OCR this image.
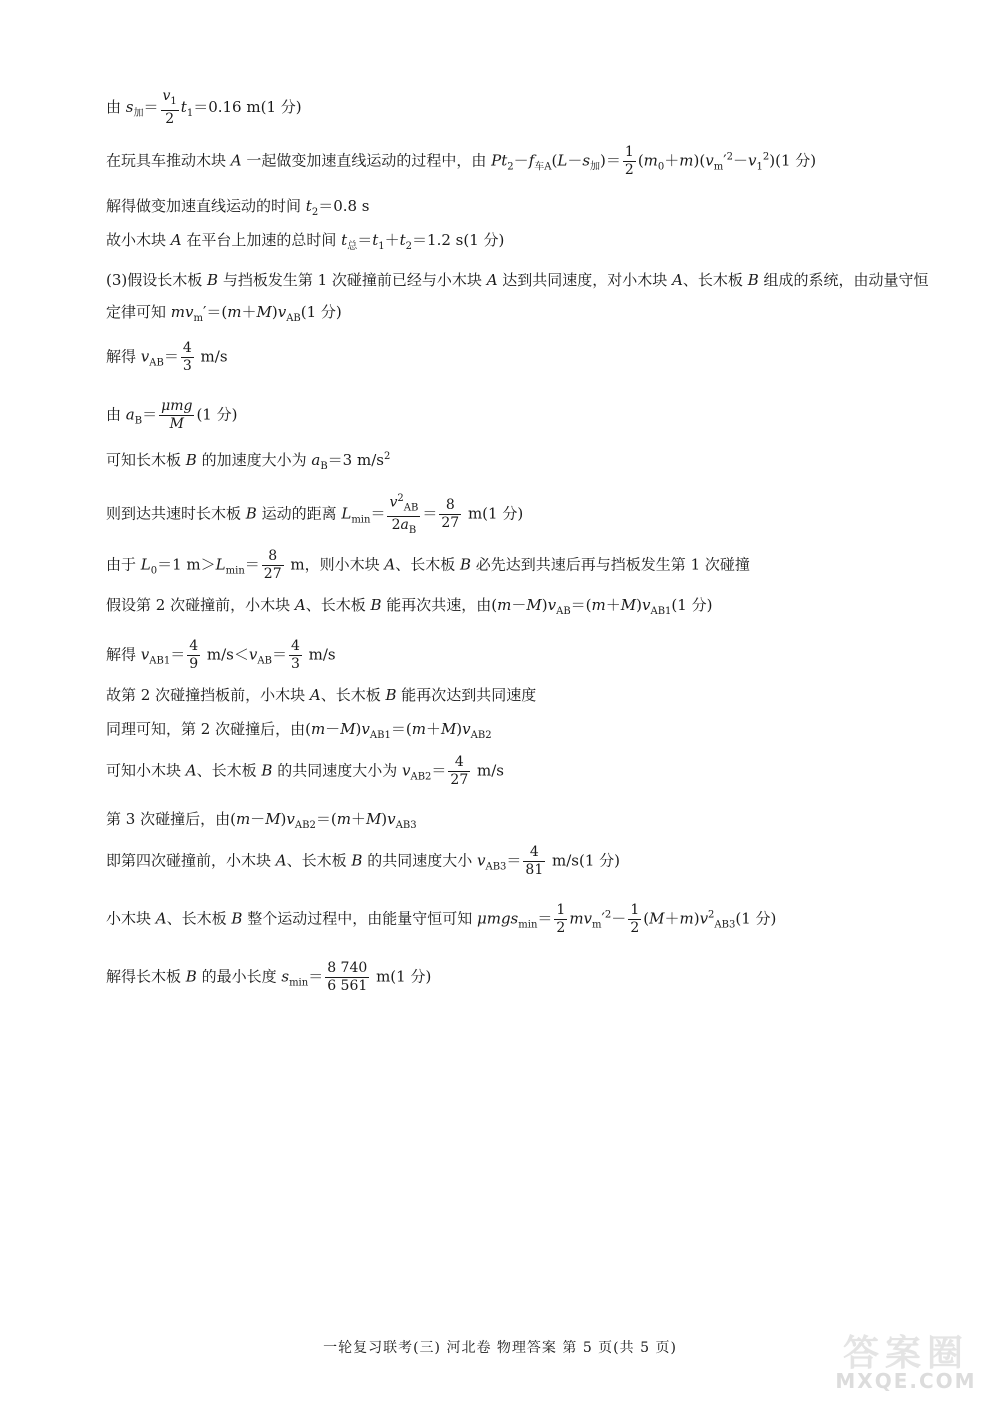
由 $s_加= \frac{v_1}{2} t_1=0.16$ m(1 分)
在玩具车推动木块 A 一起做变加速直线运动的过程中，由 $Pt_2-f_{车A}(L-s_加)= \frac{1}{2} (m_0+m)(v_m'^2-v_1^2)(1$ 分)
解得做变加速直线运动的时间 $t_2=0.8$ s
故小木块 A 在平台上加速的总时间 $t_总=t_1+t_2=1.2$ s(1 分)
(3)假设长木板 B 与挡板发生第 1 次碰撞前已经与小木块 A 达到共同速度，对小木块 A、长木板 B 组成的系统，由动量守恒定律可知 $mv_m'=(m+M)v_{AB}(1$ 分)
解得 $v_{AB}= \frac{4}{3} m/s$
由 $a_B= \frac{\text{μmg}}{M} (1$ 分)
可知长木板 B 的加速度大小为 $a_B=3$ $m/s^2$
则到达共速时长木板 B 运动的距离 $L_{min}= \frac{v^2_{AB}}{2a_B} = \frac{8}{27} m(1$ 分)
由于 $L_0=1$ $m>L_{min}= \frac{8}{27}$ m，则小木块 A、长木板 B 必先达到共速后再与挡板发生第 1 次碰撞
假设第 2 次碰撞前，小木块 A、长木板 B 能再次共速，由$(m-M)v_{AB}=(m+M)v_{AB1}(1$ 分)
解得 $v_{AB1}= \frac{4}{9} m/s<v_{AB}= \frac{4}{3} m/s$
故第 2 次碰撞挡板前，小木块 A、长木板 B 能再次达到共同速度
同理可知，第 2 次碰撞后，由$(m-M)v_{AB1}=(m+M)v_{AB2}$
可知小木块 A、长木板 B 的共同速度大小为 $v_{AB2}= \frac{4}{27} m/s$
第 3 次碰撞后，由$(m-M)v_{AB2}=(m+M)v_{AB3}$
即第四次碰撞前，小木块 A、长木板 B 的共同速度大小 $v_{AB3}= \frac{4}{81} m/s(1$ 分)
小木块 A、长木板 B 整个运动过程中，由能量守恒可知 $\mu mgs_{min}= \frac{1}{2} mv_m'^2- \frac{1}{2} (M+m)v^2_{AB3}(1$ 分)
解得长木板 B 的最小长度 $s_{min}= \frac{8 740}{6 561} m(1$ 分)
一轮复习联考(三) 河北卷 物理答案 第 5 页(共 5 页)	答案圈
MXQE.COM
